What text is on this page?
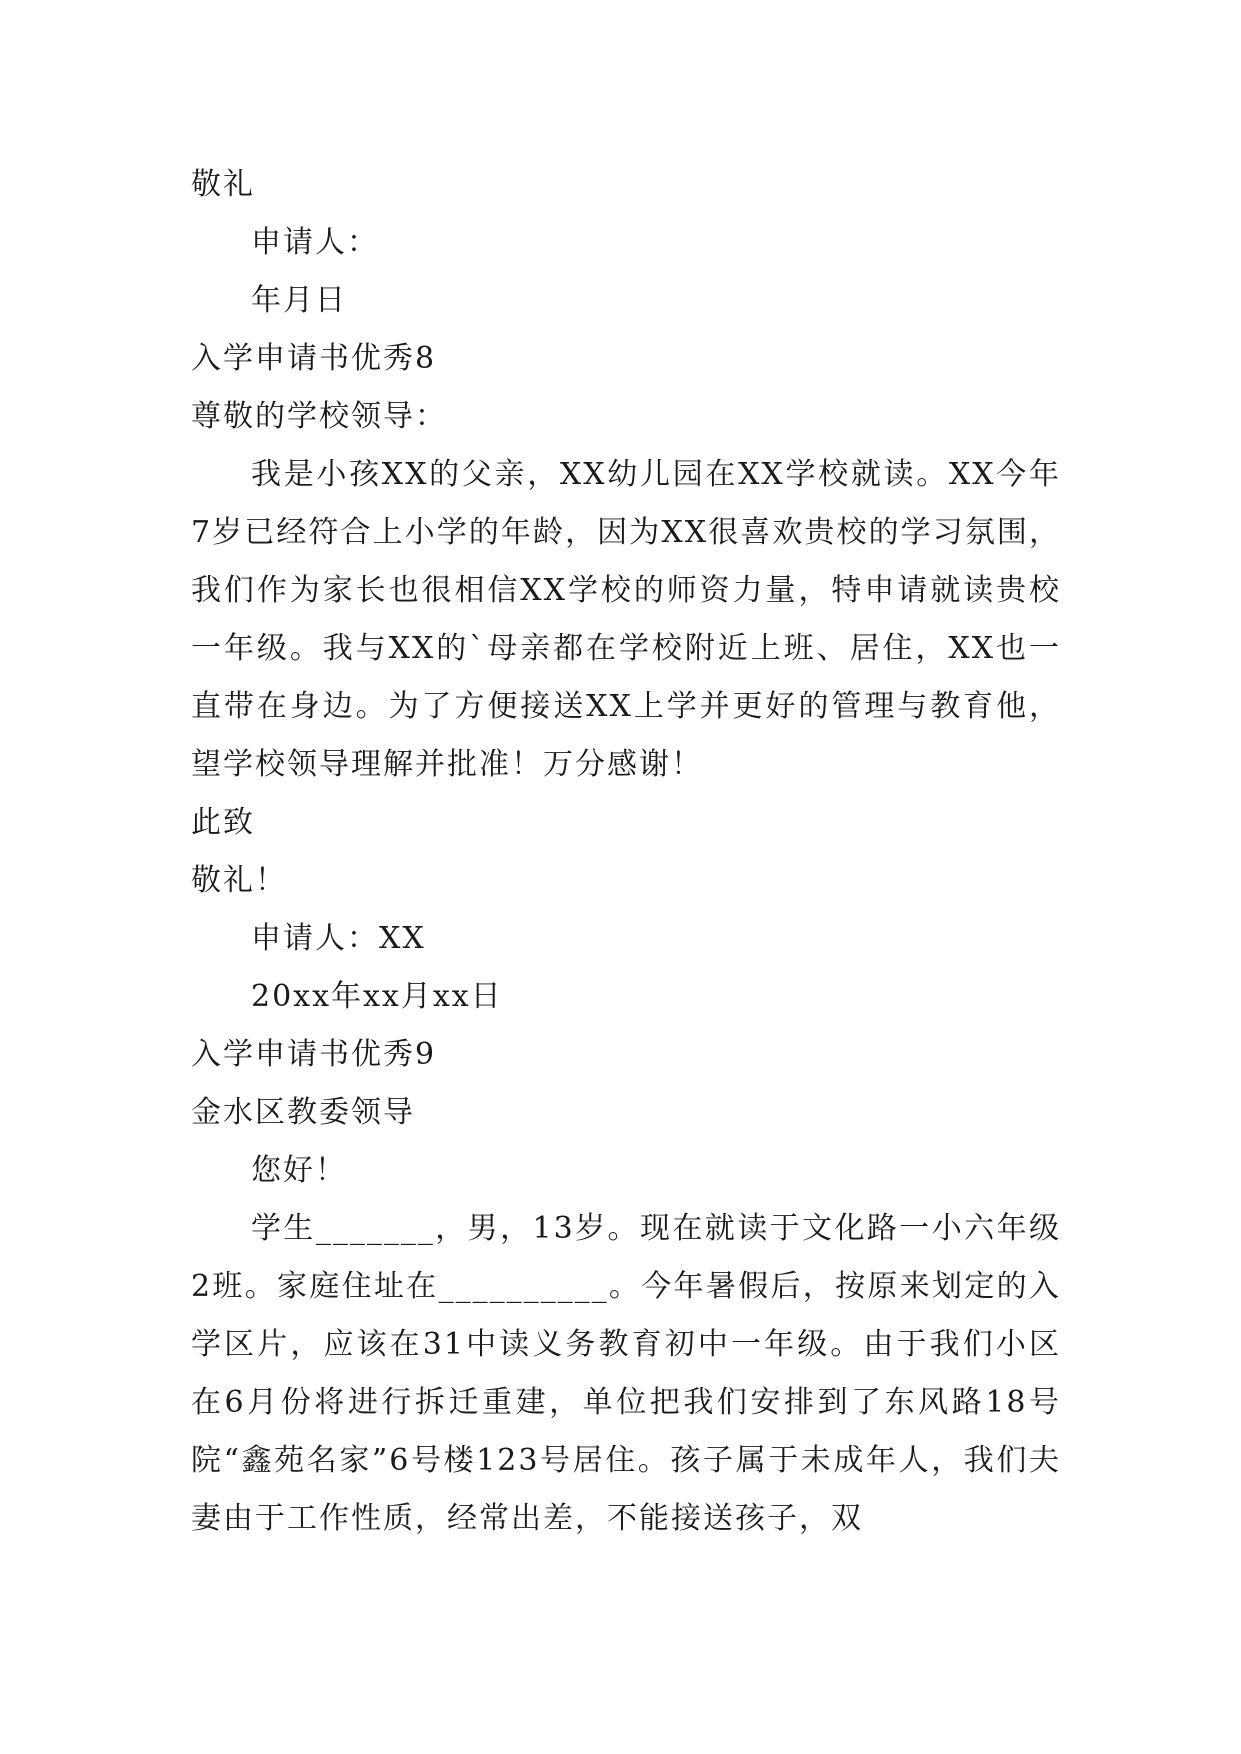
敬礼
申请人：
年月日
入学申请书优秀8
尊敬的学校领导：
我是小孩XX的父亲，XX幼儿园在XX学校就读。XX今年7岁已经符合上小学的年龄，因为XX很喜欢贵校的学习氛围，我们作为家长也很相信XX学校的师资力量，特申请就读贵校一年级。我与XX的`母亲都在学校附近上班、居住，XX也一直带在身边。为了方便接送XX上学并更好的管理与教育他，望学校领导理解并批准！万分感谢！
此致
敬礼！
申请人：XX
20xx年xx月xx日
入学申请书优秀9
金水区教委领导
您好！
学生_______，男，13岁。现在就读于文化路一小六年级2班。家庭住址在__________。今年暑假后，按原来划定的入学区片，应该在31中读义务教育初中一年级。由于我们小区在6月份将进行拆迁重建，单位把我们安排到了东风路18号院“鑫苑名家”6号楼123号居住。孩子属于未成年人，我们夫妻由于工作性质，经常出差，不能接送孩子，双
